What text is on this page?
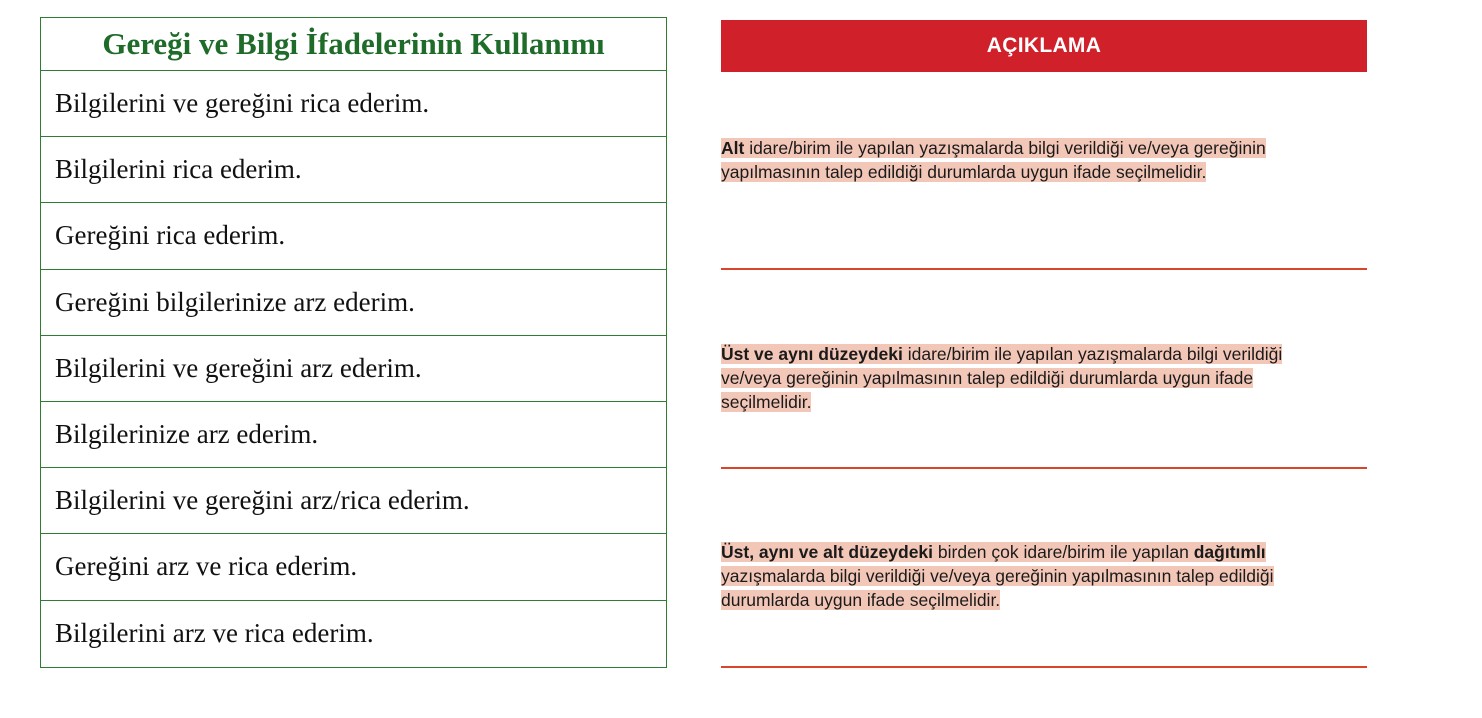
Gereği ve Bilgi İfadelerinin Kullanımı
Bilgilerini ve gereğini rica ederim.
Bilgilerini rica ederim.
Gereğini rica ederim.
Gereğini bilgilerinize arz ederim.
Bilgilerini ve gereğini arz ederim.
Bilgilerinize arz ederim.
Bilgilerini ve gereğini arz/rica ederim.
Gereğini arz ve rica ederim.
Bilgilerini arz ve rica ederim.
AÇIKLAMA
Alt idare/birim ile yapılan yazışmalarda bilgi verildiği ve/veya gereğinin yapılmasının talep edildiği durumlarda uygun ifade seçilmelidir.
Üst ve aynı düzeydeki idare/birim ile yapılan yazışmalarda bilgi verildiği ve/veya gereğinin yapılmasının talep edildiği durumlarda uygun ifade seçilmelidir.
Üst, aynı ve alt düzeydeki birden çok idare/birim ile yapılan dağıtımlı yazışmalarda bilgi verildiği ve/veya gereğinin yapılmasının talep edildiği durumlarda uygun ifade seçilmelidir.
